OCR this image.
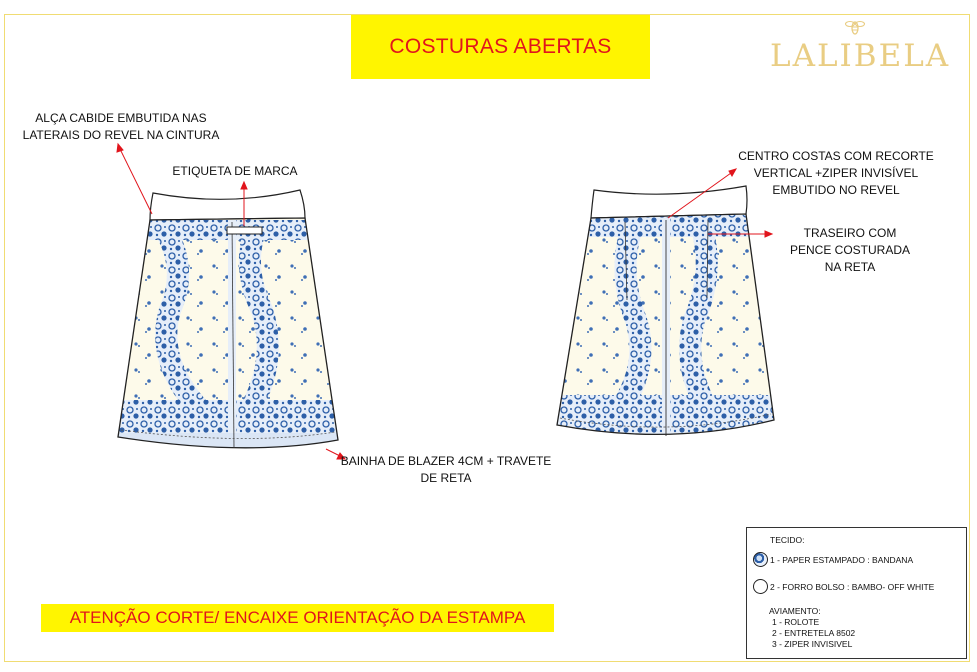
COSTURAS ABERTAS	LALIBELA
ALÇA CABIDE EMBUTIDA NAS
LATERAIS DO REVEL NA CINTURA
ETIQUETA DE MARCA
BAINHA DE BLAZER 4CM + TRAVETE
DE RETA
CENTRO COSTAS COM RECORTE
VERTICAL +ZIPER INVISÍVEL
EMBUTIDO NO REVEL
TRASEIRO COM
PENCE COSTURADA
NA RETA
ATENÇÃO CORTE/ ENCAIXE ORIENTAÇÃO DA ESTAMPA
TECIDO:
1 - PAPER ESTAMPADO : BANDANA
2 - FORRO BOLSO : BAMBO- OFF WHITE
AVIAMENTO:
1 - ROLOTE
2 - ENTRETELA 8502
3 - ZIPER INVISIVEL
